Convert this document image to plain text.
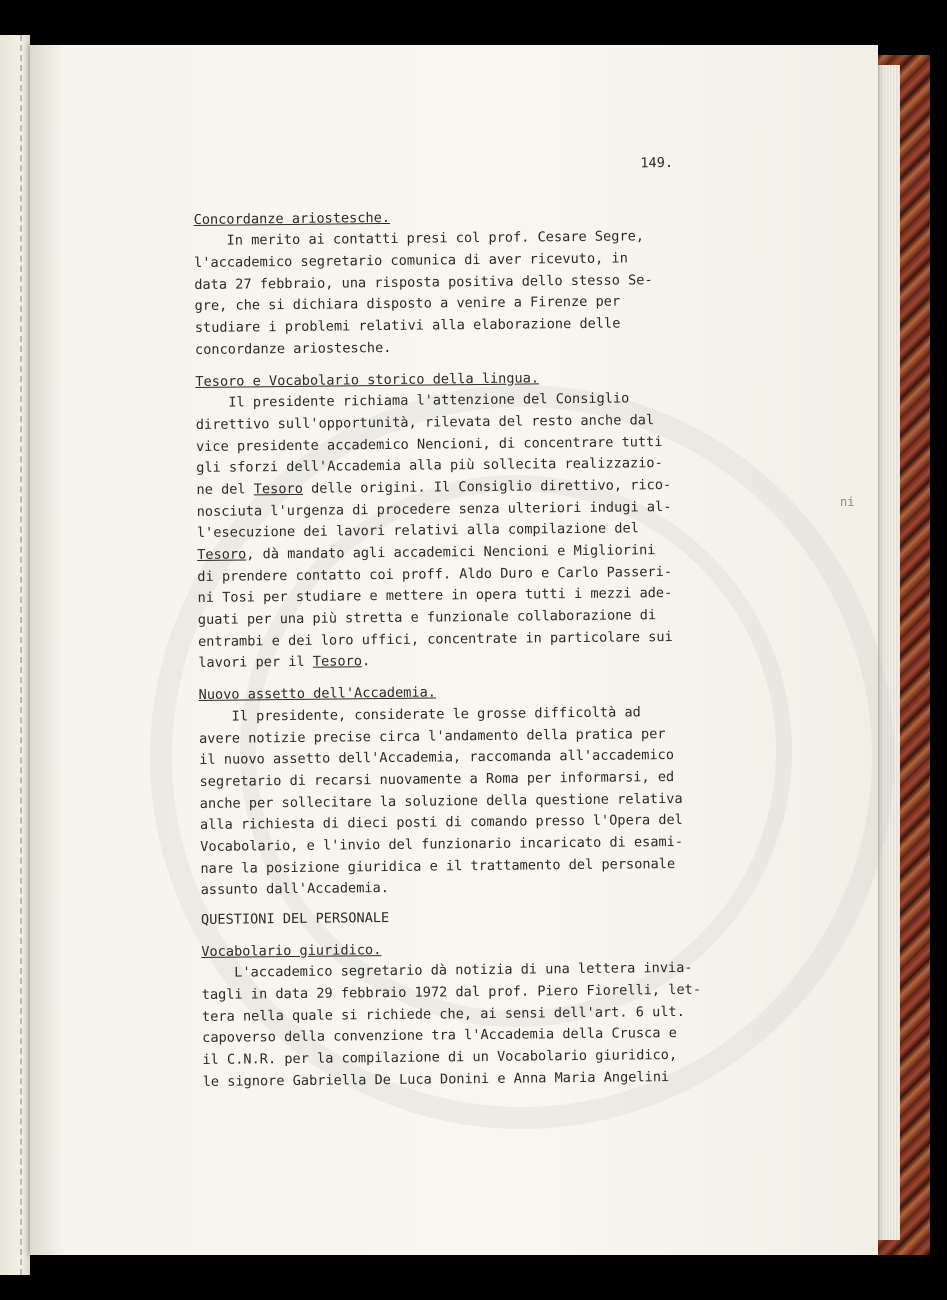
ni
149.
Concordanze ariostesche.
In merito ai contatti presi col prof. Cesare Segre,
l'accademico segretario comunica di aver ricevuto, in
data 27 febbraio, una risposta positiva dello stesso Se-
gre, che si dichiara disposto a venire a Firenze per
studiare i problemi relativi alla elaborazione delle
concordanze ariostesche.
Tesoro e Vocabolario storico della lingua.
Il presidente richiama l'attenzione del Consiglio
direttivo sull'opportunità, rilevata del resto anche dal
vice presidente accademico Nencioni, di concentrare tutti
gli sforzi dell'Accademia alla più sollecita realizzazio-
ne del Tesoro delle origini. Il Consiglio direttivo, rico-
nosciuta l'urgenza di procedere senza ulteriori indugi al-
l'esecuzione dei lavori relativi alla compilazione del
Tesoro, dà mandato agli accademici Nencioni e Migliorini
di prendere contatto coi proff. Aldo Duro e Carlo Passeri-
ni Tosi per studiare e mettere in opera tutti i mezzi ade-
guati per una più stretta e funzionale collaborazione di
entrambi e dei loro uffici, concentrate in particolare sui
lavori per il Tesoro.
Nuovo assetto dell'Accademia.
Il presidente, considerate le grosse difficoltà ad
avere notizie precise circa l'andamento della pratica per
il nuovo assetto dell'Accademia, raccomanda all'accademico
segretario di recarsi nuovamente a Roma per informarsi, ed
anche per sollecitare la soluzione della questione relativa
alla richiesta di dieci posti di comando presso l'Opera del
Vocabolario, e l'invio del funzionario incaricato di esami-
nare la posizione giuridica e il trattamento del personale
assunto dall'Accademia.
QUESTIONI DEL PERSONALE
Vocabolario giuridico.
L'accademico segretario dà notizia di una lettera invia-
tagli in data 29 febbraio 1972 dal prof. Piero Fiorelli, let-
tera nella quale si richiede che, ai sensi dell'art. 6 ult.
capoverso della convenzione tra l'Accademia della Crusca e
il C.N.R. per la compilazione di un Vocabolario giuridico,
le signore Gabriella De Luca Donini e Anna Maria Angelini
